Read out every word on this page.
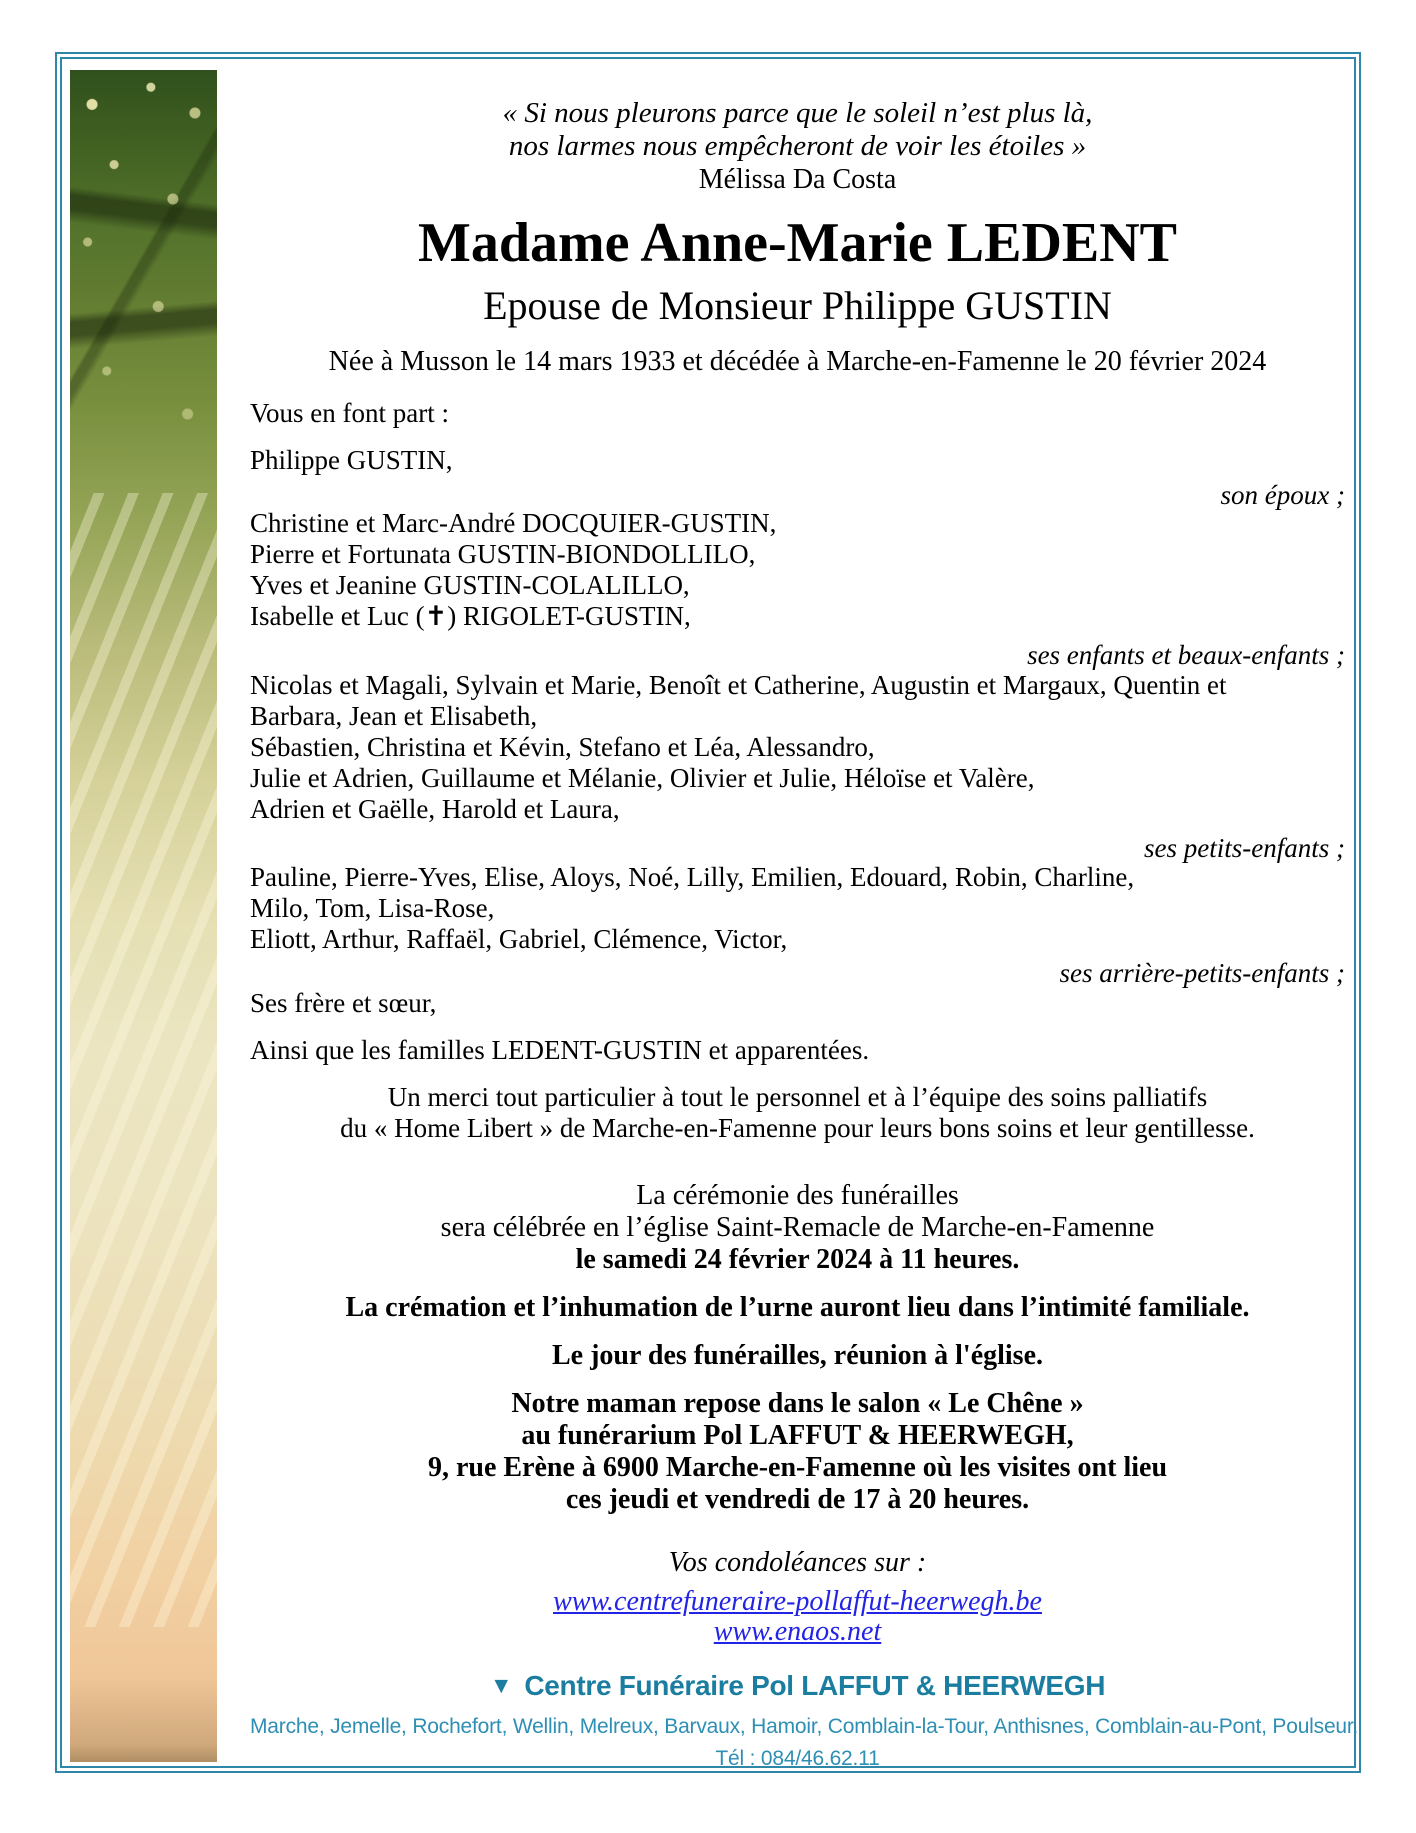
« Si nous pleurons parce que le soleil n’est plus là,
nos larmes nous empêcheront de voir les étoiles »
Mélissa Da Costa
Madame Anne-Marie LEDENT
Epouse de Monsieur Philippe GUSTIN
Née à Musson le 14 mars 1933 et décédée à Marche-en-Famenne le 20 février 2024
Vous en font part :
Philippe GUSTIN,
son époux ;
Christine et Marc-André DOCQUIER-GUSTIN,
Pierre et Fortunata GUSTIN-BIONDOLLILO,
Yves et Jeanine GUSTIN-COLALILLO,
Isabelle et Luc (✝) RIGOLET-GUSTIN,
ses enfants et beaux-enfants ;
Nicolas et Magali, Sylvain et Marie, Benoît et Catherine, Augustin et Margaux, Quentin et
Barbara, Jean et Elisabeth,
Sébastien, Christina et Kévin, Stefano et Léa, Alessandro,
Julie et Adrien, Guillaume et Mélanie, Olivier et Julie, Héloïse et Valère,
Adrien et Gaëlle, Harold et Laura,
ses petits-enfants ;
Pauline, Pierre-Yves, Elise, Aloys, Noé, Lilly, Emilien, Edouard, Robin, Charline,
Milo, Tom, Lisa-Rose,
Eliott, Arthur, Raffaël, Gabriel, Clémence, Victor,
ses arrière-petits-enfants ;
Ses frère et sœur,
Ainsi que les familles LEDENT-GUSTIN et apparentées.
Un merci tout particulier à tout le personnel et à l’équipe des soins palliatifs
du « Home Libert » de Marche-en-Famenne pour leurs bons soins et leur gentillesse.
La cérémonie des funérailles
sera célébrée en l’église Saint-Remacle de Marche-en-Famenne
le samedi 24 février 2024 à 11 heures.
La crémation et l’inhumation de l’urne auront lieu dans l’intimité familiale.
Le jour des funérailles, réunion à l'église.
Notre maman repose dans le salon « Le Chêne »
au funérarium Pol LAFFUT & HEERWEGH,
9, rue Erène à 6900 Marche-en-Famenne où les visites ont lieu
ces jeudi et vendredi de 17 à 20 heures.
Vos condoléances sur :
www.centrefuneraire-pollaffut-heerwegh.be
www.enaos.net
▼ Centre Funéraire Pol LAFFUT & HEERWEGH
Marche, Jemelle, Rochefort, Wellin, Melreux, Barvaux, Hamoir, Comblain-la-Tour, Anthisnes, Comblain-au-Pont, Poulseur.
Tél : 084/46.62.11
